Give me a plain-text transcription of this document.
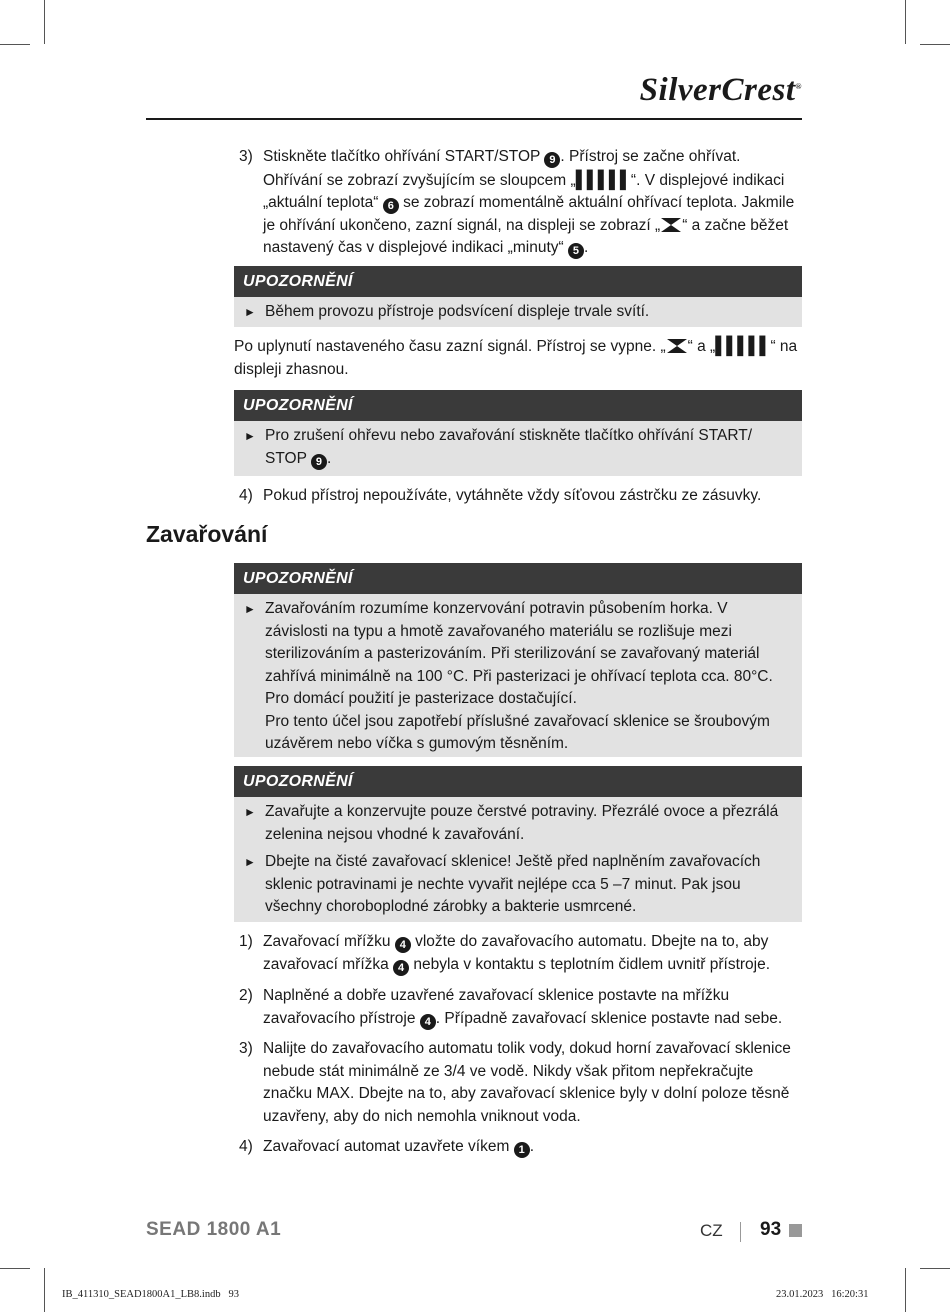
SilverCrest®
3) Stiskněte tlačítko ohřívání START/STOP 9 . Přístroj se začne ohřívat. Ohřívání se zobrazí zvyšujícím se sloupcem „▌▌▌▌▌“. V displejové indikaci „aktuální teplota“ 6 se zobrazí momentálně aktuální ohřívací teplota. Jakmile je ohřívání ukončeno, zazní signál, na displeji se zobrazí „ “ a začne běžet nastavený čas v displejové indikaci „minuty“ 5 .
UPOZORNĚNÍ
► Během provozu přístroje podsvícení displeje trvale svítí.
Po uplynutí nastaveného času zazní signál. Přístroj se vypne. „ “ a „▌▌▌▌▌“ na displeji zhasnou.
UPOZORNĚNÍ
► Pro zrušení ohřevu nebo zavařování stiskněte tlačítko ohřívání START/ STOP 9 .
4) Pokud přístroj nepoužíváte, vytáhněte vždy síťovou zástrčku ze zásuvky.
Zavařování
UPOZORNĚNÍ
► Zavařováním rozumíme konzervování potravin působením horka. V závislosti na typu a hmotě zavařovaného materiálu se rozlišuje mezi sterilizováním a pasterizováním. Při sterilizování se zavařovaný materiál zahřívá minimálně na 100 °C. Při pasterizaci je ohřívací teplota cca. 80°C. Pro domácí použití je pasterizace dostačující.
Pro tento účel jsou zapotřebí příslušné zavařovací sklenice se šroubovým uzávěrem nebo víčka s gumovým těsněním.
UPOZORNĚNÍ
► Zavařujte a konzervujte pouze čerstvé potraviny. Přezrálé ovoce a přezrálá zelenina nejsou vhodné k zavařování.
► Dbejte na čisté zavařovací sklenice! Ještě před naplněním zavařovacích sklenic potravinami je nechte vyvařit nejlépe cca 5 –7 minut. Pak jsou všechny choroboplodné zárobky a bakterie usmrcené.
1) Zavařovací mřížku 4 vložte do zavařovacího automatu. Dbejte na to, aby zavařovací mřížka 4 nebyla v kontaktu s teplotním čidlem uvnitř přístroje.
2) Naplněné a dobře uzavřené zavařovací sklenice postavte na mřížku zavařovacího přístroje 4 . Případně zavařovací sklenice postavte nad sebe.
3) Nalijte do zavařovacího automatu tolik vody, dokud horní zavařovací sklenice nebude stát minimálně ze 3/4 ve vodě. Nikdy však přitom nepřekračujte značku MAX. Dbejte na to, aby zavařovací sklenice byly v dolní poloze těsně uzavřeny, aby do nich nemohla vniknout voda.
4) Zavařovací automat uzavřete víkem 1 .
SEAD 1800 A1	CZ 93
IB_411310_SEAD1800A1_LB8.indb   93	23.01.2023   16:20:31
